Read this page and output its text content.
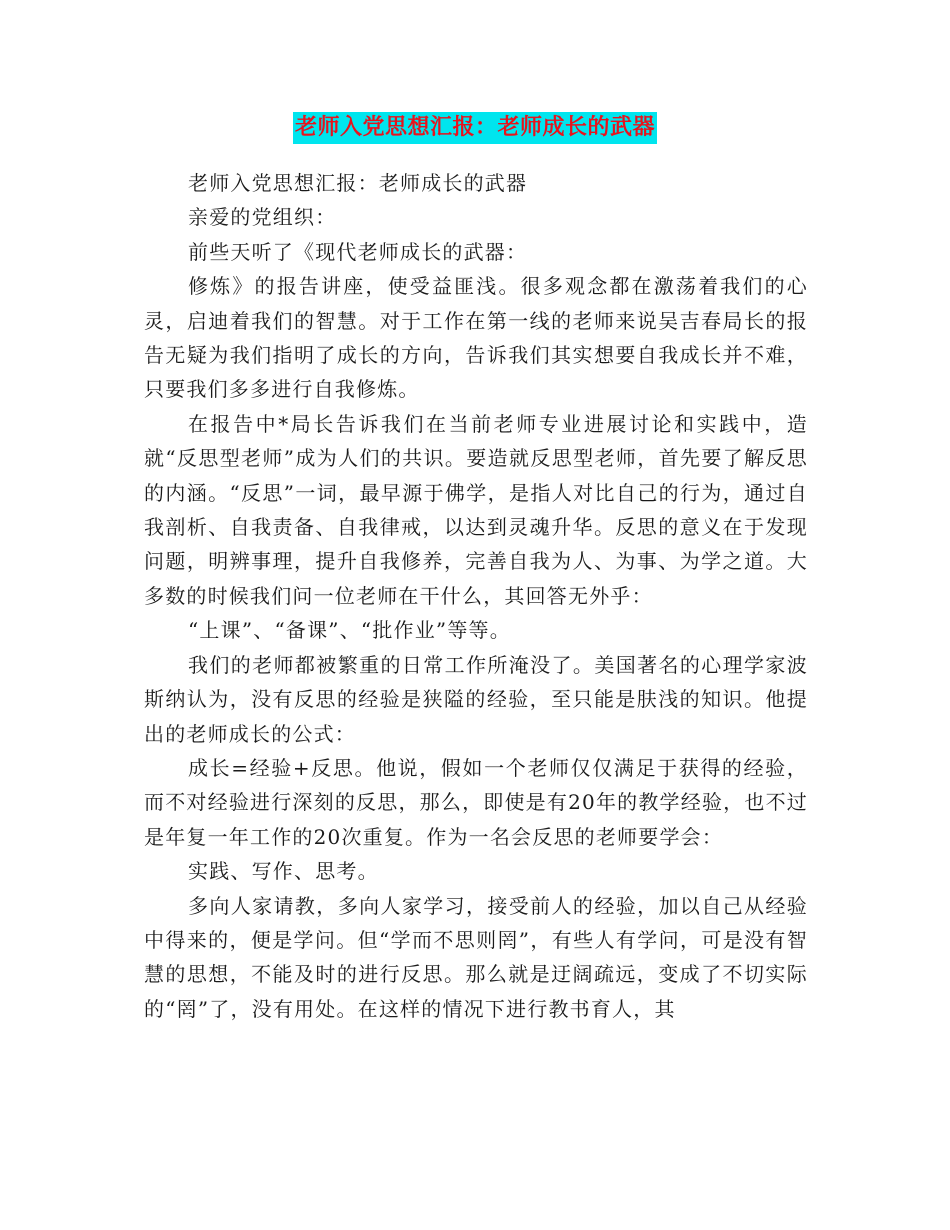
老师入党思想汇报：老师成长的武器

老师入党思想汇报：老师成长的武器

亲爱的党组织：

前些天听了《现代老师成长的武器：

修炼》的报告讲座，使受益匪浅。很多观念都在激荡着我们的心灵，启迪着我们的智慧。对于工作在第一线的老师来说吴吉春局长的报告无疑为我们指明了成长的方向，告诉我们其实想要自我成长并不难，只要我们多多进行自我修炼。

在报告中*局长告诉我们在当前老师专业进展讨论和实践中，造就“反思型老师”成为人们的共识。要造就反思型老师，首先要了解反思的内涵。“反思”一词，最早源于佛学，是指人对比自己的行为，通过自我剖析、自我责备、自我律戒，以达到灵魂升华。反思的意义在于发现问题，明辨事理，提升自我修养，完善自我为人、为事、为学之道。大多数的时候我们问一位老师在干什么，其回答无外乎：

“上课”、“备课”、“批作业”等等。

我们的老师都被繁重的日常工作所淹没了。美国著名的心理学家波斯纳认为，没有反思的经验是狭隘的经验，至只能是肤浅的知识。他提出的老师成长的公式：

成长=经验+反思。他说，假如一个老师仅仅满足于获得的经验，而不对经验进行深刻的反思，那么，即使是有20年的教学经验，也不过是年复一年工作的20次重复。作为一名会反思的老师要学会：

实践、写作、思考。

多向人家请教，多向人家学习，接受前人的经验，加以自己从经验中得来的，便是学问。但“学而不思则罔”，有些人有学问，可是没有智慧的思想，不能及时的进行反思。那么就是迂阔疏远，变成了不切实际的“罔”了，没有用处。在这样的情况下进行教书育人，其
